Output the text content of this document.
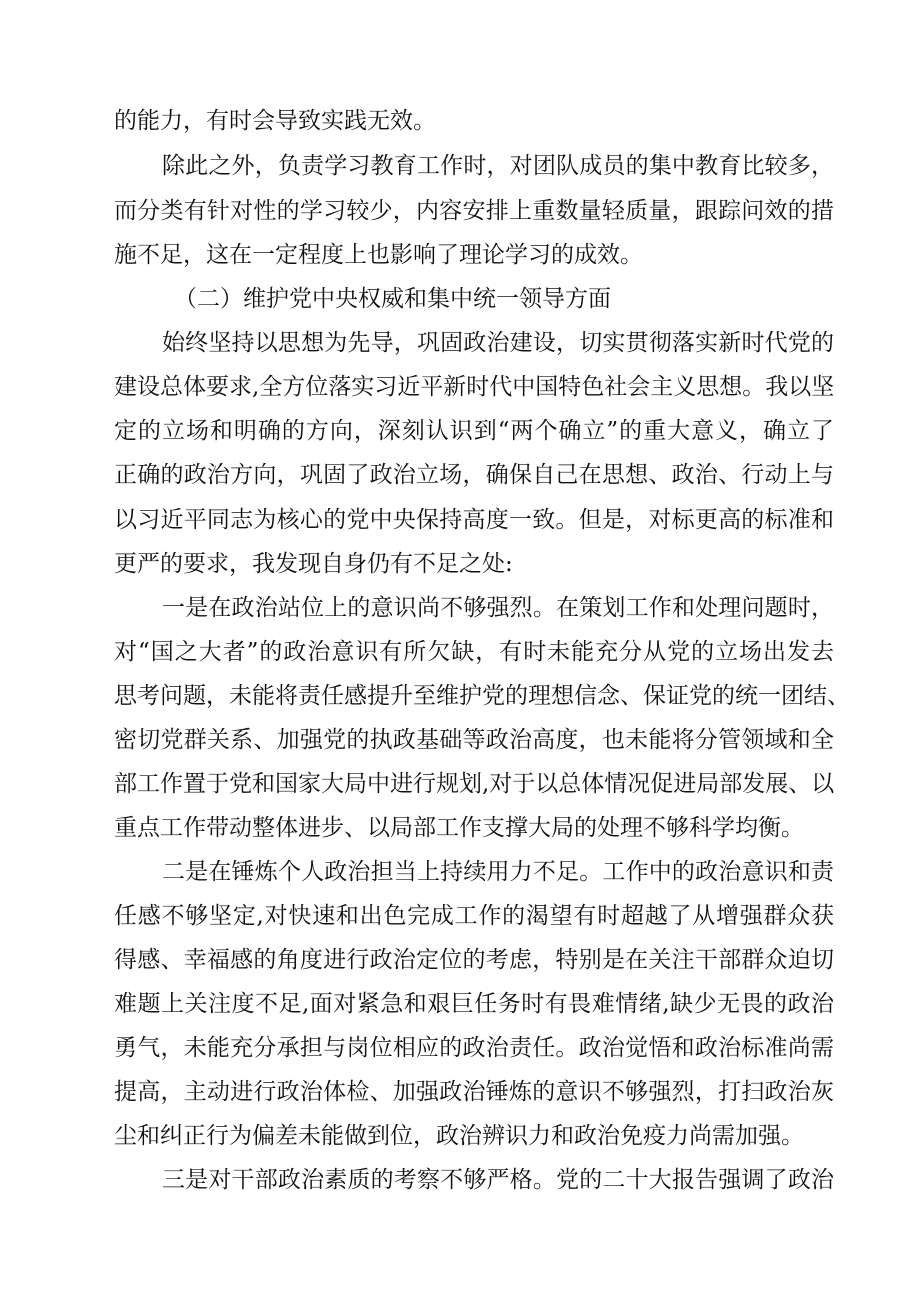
的能力，有时会导致实践无效。
除此之外，负责学习教育工作时，对团队成员的集中教育比较多，
而分类有针对性的学习较少，内容安排上重数量轻质量，跟踪问效的措
施不足，这在一定程度上也影响了理论学习的成效。
（二）维护党中央权威和集中统一领导方面
始终坚持以思想为先导，巩固政治建设，切实贯彻落实新时代党的
建设总体要求,全方位落实习近平新时代中国特色社会主义思想。我以坚
定的立场和明确的方向，深刻认识到“两个确立”的重大意义，确立了
正确的政治方向，巩固了政治立场，确保自己在思想、政治、行动上与
以习近平同志为核心的党中央保持高度一致。但是，对标更高的标准和
更严的要求，我发现自身仍有不足之处:
一是在政治站位上的意识尚不够强烈。在策划工作和处理问题时，
对“国之大者”的政治意识有所欠缺，有时未能充分从党的立场出发去
思考问题，未能将责任感提升至维护党的理想信念、保证党的统一团结、
密切党群关系、加强党的执政基础等政治高度，也未能将分管领域和全
部工作置于党和国家大局中进行规划,对于以总体情况促进局部发展、以
重点工作带动整体进步、以局部工作支撑大局的处理不够科学均衡。
二是在锤炼个人政治担当上持续用力不足。工作中的政治意识和责
任感不够坚定,对快速和出色完成工作的渴望有时超越了从增强群众获
得感、幸福感的角度进行政治定位的考虑，特别是在关注干部群众迫切
难题上关注度不足,面对紧急和艰巨任务时有畏难情绪,缺少无畏的政治
勇气，未能充分承担与岗位相应的政治责任。政治觉悟和政治标准尚需
提高，主动进行政治体检、加强政治锤炼的意识不够强烈，打扫政治灰
尘和纠正行为偏差未能做到位，政治辨识力和政治免疫力尚需加强。
三是对干部政治素质的考察不够严格。党的二十大报告强调了政治
